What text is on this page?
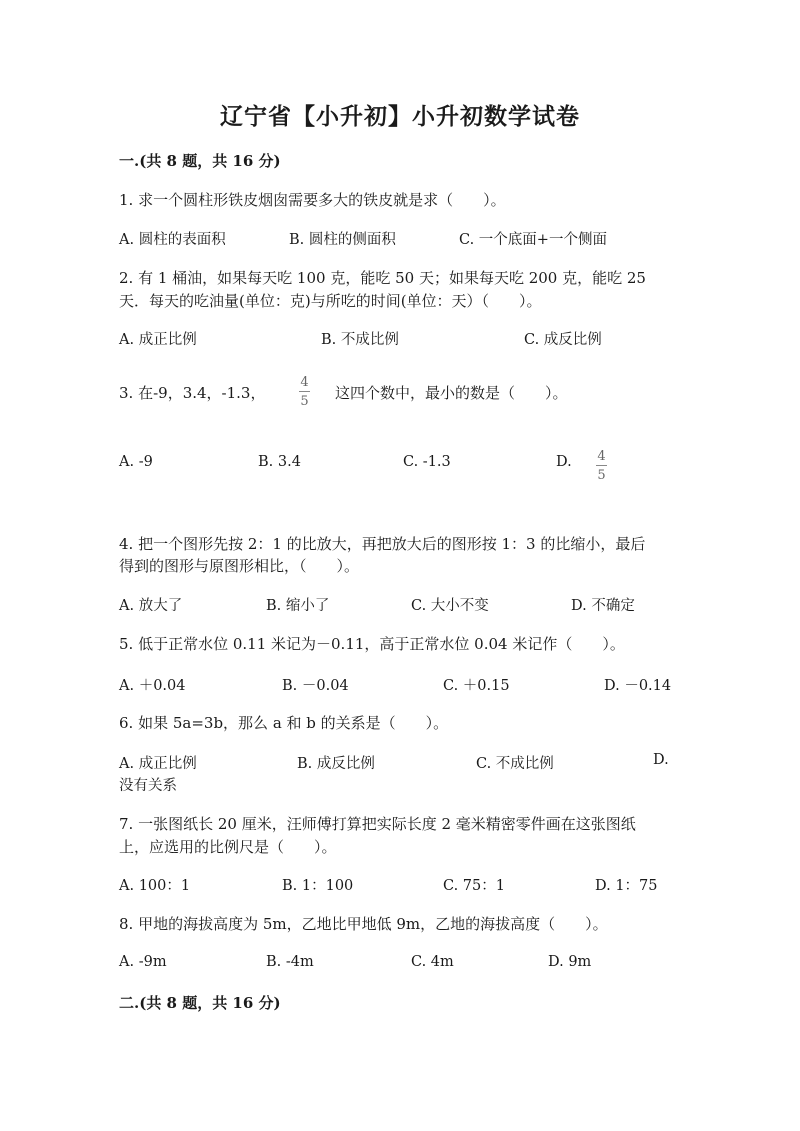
辽宁省【小升初】小升初数学试卷
一.(共 8 题，共 16 分)
1. 求一个圆柱形铁皮烟囱需要多大的铁皮就是求（　　）。
A. 圆柱的表面积	B. 圆柱的侧面积	C. 一个底面+一个侧面
2. 有 1 桶油，如果每天吃 100 克，能吃 50 天；如果每天吃 200 克，能吃 25
天．每天的吃油量(单位：克)与所吃的时间(单位：天）（　　）。
A. 成正比例	B. 不成比例	C. 成反比例
3. 在-9，3.4，-1.3，
4
5 这四个数中，最小的数是（　　）。
A. -9	B. 3.4	C. -1.3	D. 4
5
4. 把一个图形先按 2：1 的比放大，再把放大后的图形按 1：3 的比缩小，最后
得到的图形与原图形相比，（　　）。
A. 放大了	B. 缩小了	C. 大小不变	D. 不确定
5. 低于正常水位 0.11 米记为－0.11，高于正常水位 0.04 米记作（　　）。
A. ＋0.04	B. －0.04	C. ＋0.15	D. －0.14
6. 如果 5a=3b，那么 a 和 b 的关系是（　　）。
A. 成正比例	B. 成反比例	C. 不成比例	D.
没有关系
7. 一张图纸长 20 厘米，汪师傅打算把实际长度 2 毫米精密零件画在这张图纸
上，应选用的比例尺是（　　）。
A. 100：1	B. 1：100	C. 75：1	D. 1：75
8. 甲地的海拔高度为 5m，乙地比甲地低 9m，乙地的海拔高度（　　）。
A. -9m	B. -4m	C. 4m	D. 9m
二.(共 8 题，共 16 分)
